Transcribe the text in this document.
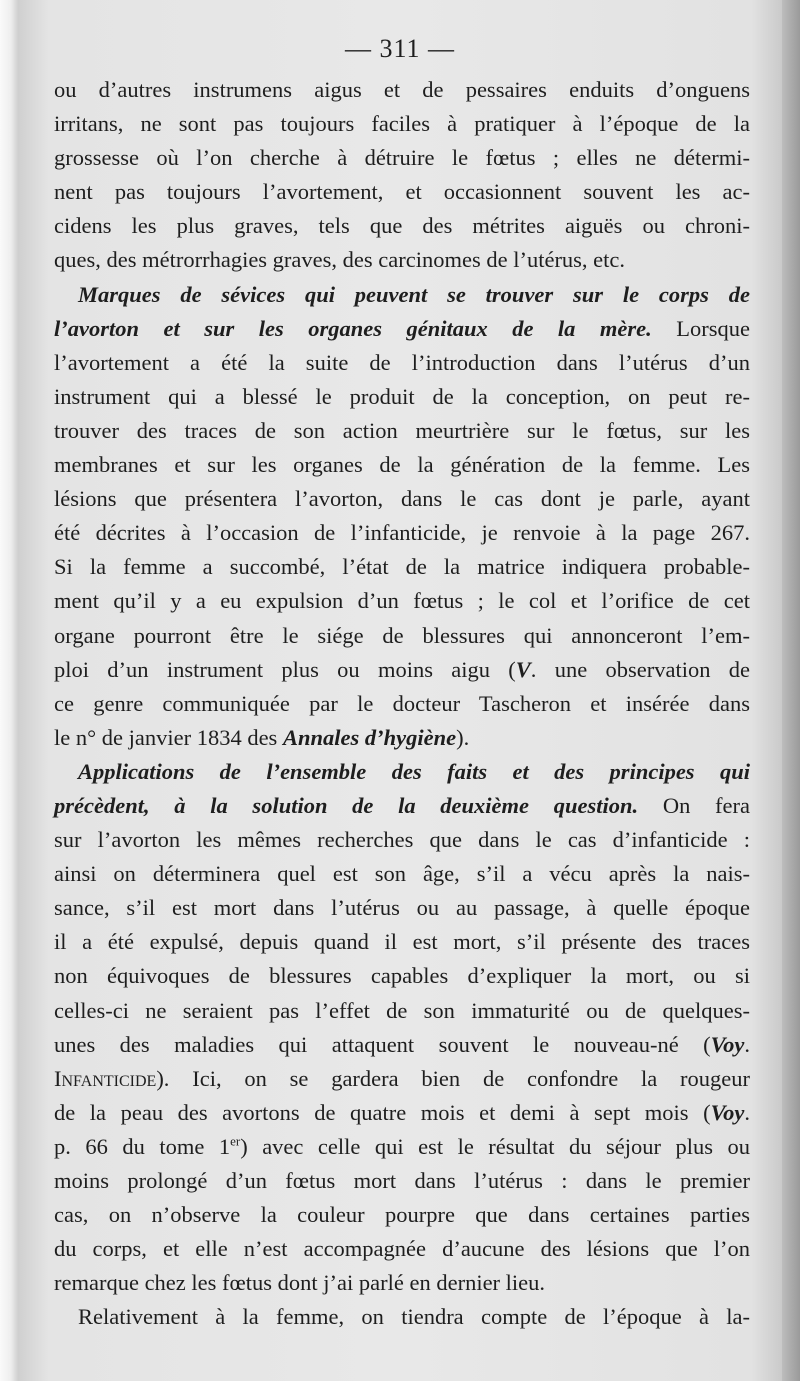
— 311 —
ou d’autres instrumens aigus et de pessaires enduits d’onguens
irritans, ne sont pas toujours faciles à pratiquer à l’époque de la
grossesse où l’on cherche à détruire le fœtus ; elles ne détermi-
nent pas toujours l’avortement, et occasionnent souvent les ac-
cidens les plus graves, tels que des métrites aiguës ou chroni-
ques, des métrorrhagies graves, des carcinomes de l’utérus, etc.
Marques de sévices qui peuvent se trouver sur le corps de
l’avorton et sur les organes génitaux de la mère. Lorsque
l’avortement a été la suite de l’introduction dans l’utérus d’un
instrument qui a blessé le produit de la conception, on peut re-
trouver des traces de son action meurtrière sur le fœtus, sur les
membranes et sur les organes de la génération de la femme. Les
lésions que présentera l’avorton, dans le cas dont je parle, ayant
été décrites à l’occasion de l’infanticide, je renvoie à la page 267.
Si la femme a succombé, l’état de la matrice indiquera probable-
ment qu’il y a eu expulsion d’un fœtus ; le col et l’orifice de cet
organe pourront être le siége de blessures qui annonceront l’em-
ploi d’un instrument plus ou moins aigu (V. une observation de
ce genre communiquée par le docteur Tascheron et insérée dans
le n° de janvier 1834 des Annales d’hygiène).
Applications de l’ensemble des faits et des principes qui
précèdent, à la solution de la deuxième question. On fera
sur l’avorton les mêmes recherches que dans le cas d’infanticide :
ainsi on déterminera quel est son âge, s’il a vécu après la nais-
sance, s’il est mort dans l’utérus ou au passage, à quelle époque
il a été expulsé, depuis quand il est mort, s’il présente des traces
non équivoques de blessures capables d’expliquer la mort, ou si
celles-ci ne seraient pas l’effet de son immaturité ou de quelques-
unes des maladies qui attaquent souvent le nouveau-né (Voy.
Infanticide). Ici, on se gardera bien de confondre la rougeur
de la peau des avortons de quatre mois et demi à sept mois (Voy.
p. 66 du tome 1er) avec celle qui est le résultat du séjour plus ou
moins prolongé d’un fœtus mort dans l’utérus : dans le premier
cas, on n’observe la couleur pourpre que dans certaines parties
du corps, et elle n’est accompagnée d’aucune des lésions que l’on
remarque chez les fœtus dont j’ai parlé en dernier lieu.
Relativement à la femme, on tiendra compte de l’époque à la-
